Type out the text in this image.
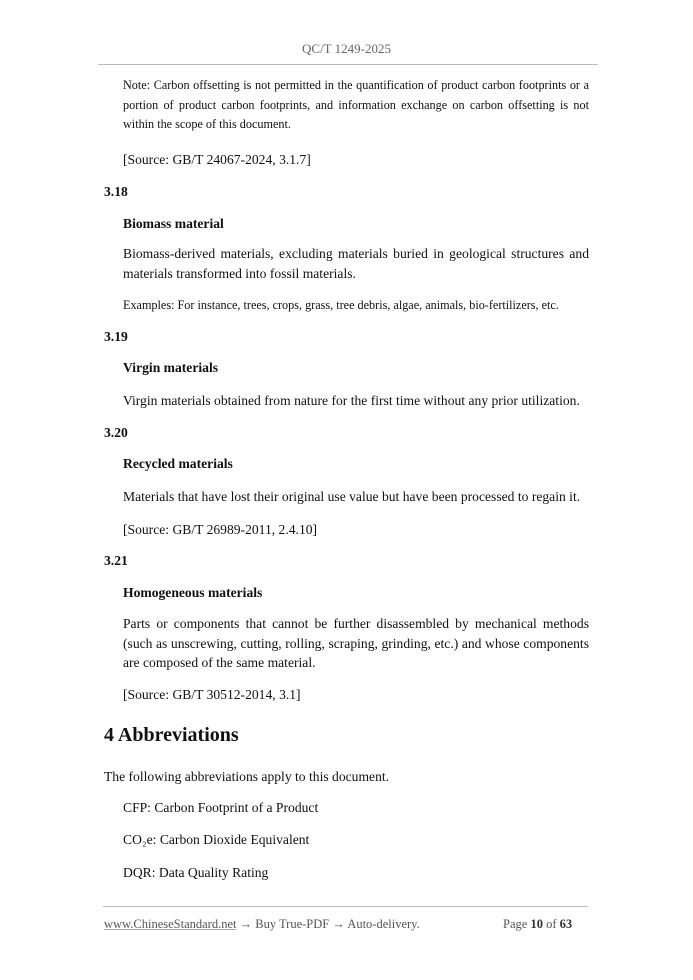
QC/T 1249-2025
Note: Carbon offsetting is not permitted in the quantification of product carbon footprints or a portion of product carbon footprints, and information exchange on carbon offsetting is not within the scope of this document.
[Source: GB/T 24067-2024, 3.1.7]
3.18
Biomass material
Biomass-derived materials, excluding materials buried in geological structures and materials transformed into fossil materials.
Examples: For instance, trees, crops, grass, tree debris, algae, animals, bio-fertilizers, etc.
3.19
Virgin materials
Virgin materials obtained from nature for the first time without any prior utilization.
3.20
Recycled materials
Materials that have lost their original use value but have been processed to regain it.
[Source: GB/T 26989-2011, 2.4.10]
3.21
Homogeneous materials
Parts or components that cannot be further disassembled by mechanical methods (such as unscrewing, cutting, rolling, scraping, grinding, etc.) and whose components are composed of the same material.
[Source: GB/T 30512-2014, 3.1]
4 Abbreviations
The following abbreviations apply to this document.
CFP: Carbon Footprint of a Product
CO₂e: Carbon Dioxide Equivalent
DQR: Data Quality Rating
www.ChineseStandard.net → Buy True-PDF → Auto-delivery.	Page 10 of 63
